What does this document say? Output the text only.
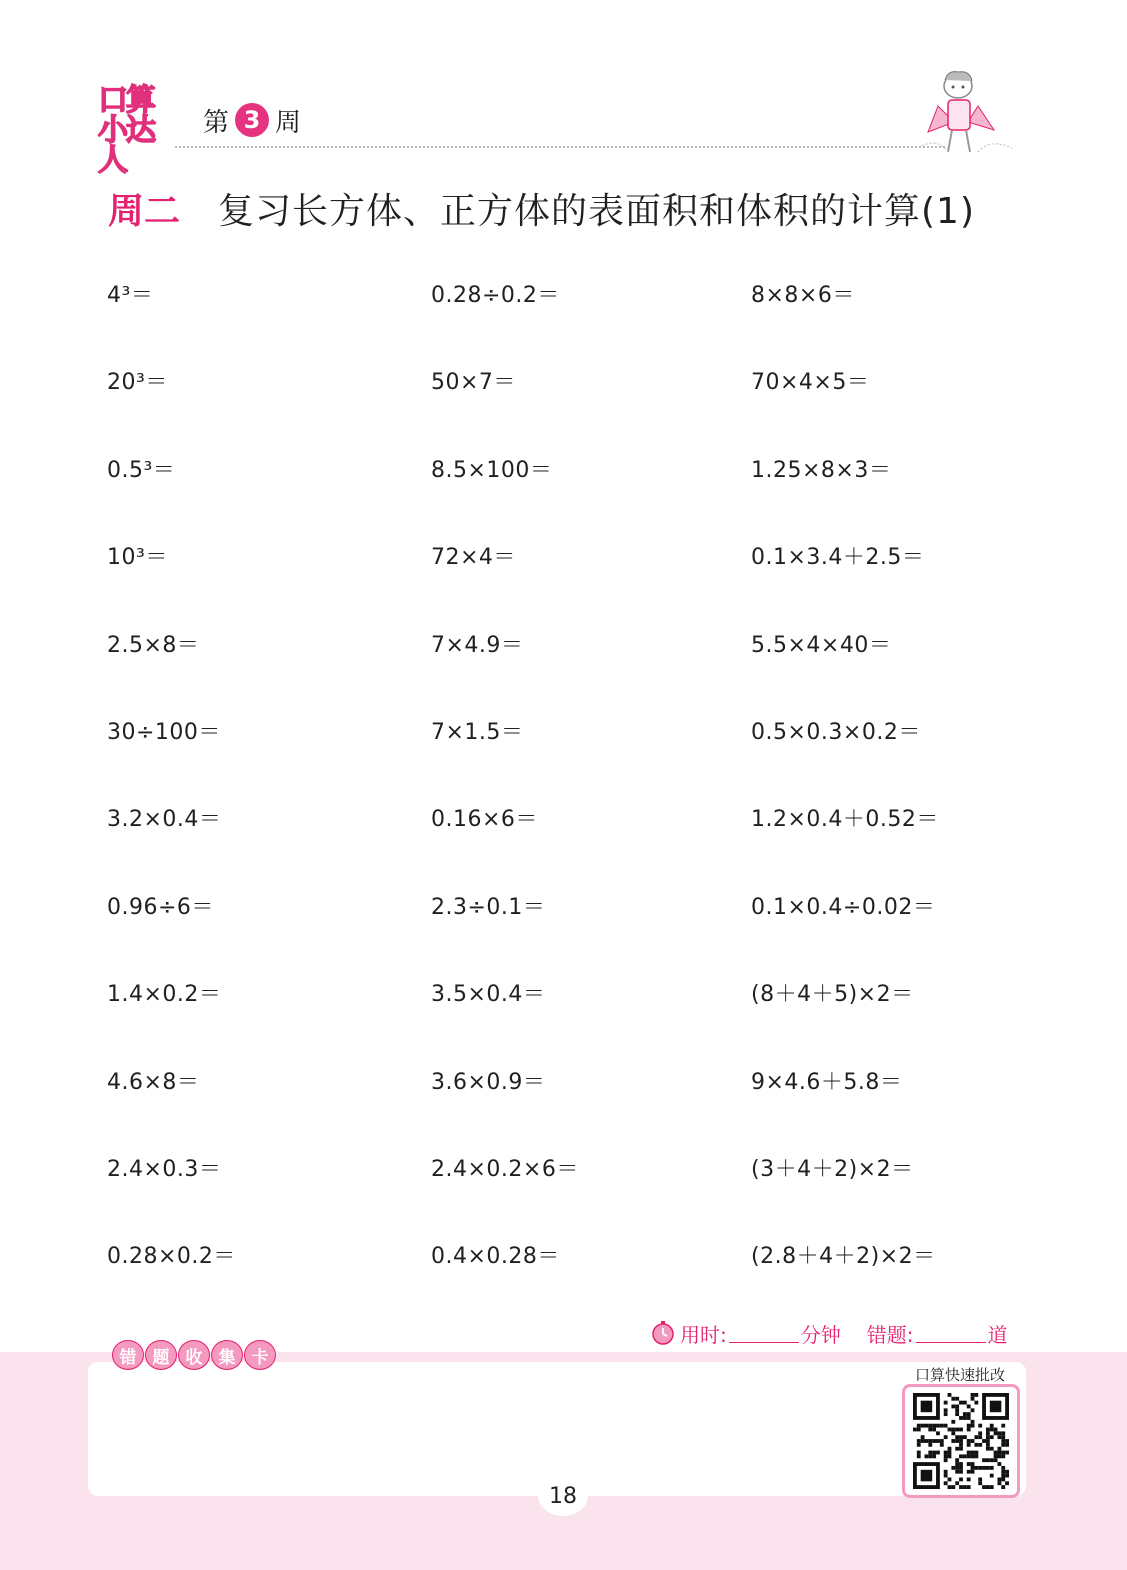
口算
小达人
第 3 周
周二 复习长方体、正方体的表面积和体积的计算(1)
4³＝	0.28÷0.2＝	8×8×6＝
20³＝	50×7＝	70×4×5＝
0.5³＝	8.5×100＝	1.25×8×3＝
10³＝	72×4＝	0.1×3.4＋2.5＝
2.5×8＝	7×4.9＝	5.5×4×40＝
30÷100＝	7×1.5＝	0.5×0.3×0.2＝
3.2×0.4＝	0.16×6＝	1.2×0.4＋0.52＝
0.96÷6＝	2.3÷0.1＝	0.1×0.4÷0.02＝
1.4×0.2＝	3.5×0.4＝	(8＋4＋5)×2＝
4.6×8＝	3.6×0.9＝	9×4.6＋5.8＝
2.4×0.3＝	2.4×0.2×6＝	(3＋4＋2)×2＝
0.28×0.2＝	0.4×0.28＝	(2.8＋4＋2)×2＝
用时:	分钟 错题:	道
错 题 收 集 卡
口算快速批改
18
